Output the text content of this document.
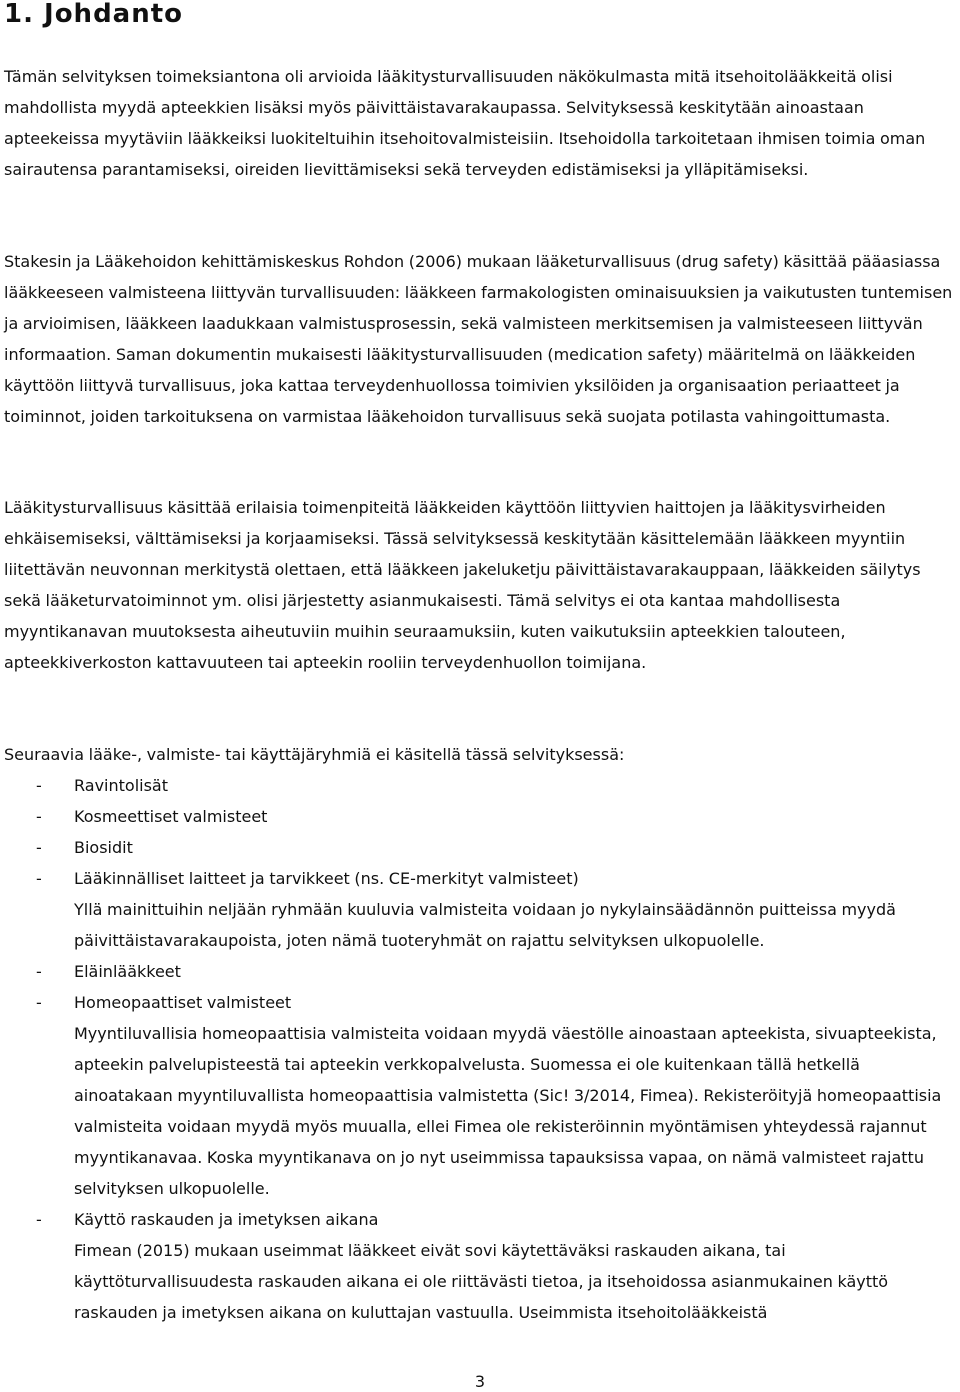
1. Johdanto

Tämän selvityksen toimeksiantona oli arvioida lääkitysturvallisuuden näkökulmasta mitä itsehoitolääkkeitä olisi mahdollista myydä apteekkien lisäksi myös päivittäistavarakaupassa. Selvityksessä keskitytään ainoastaan apteekeissa myytäviin lääkkeiksi luokiteltuihin itsehoitovalmisteisiin. Itsehoidolla tarkoitetaan ihmisen toimia oman sairautensa parantamiseksi, oireiden lievittämiseksi sekä terveyden edistämiseksi ja ylläpitämiseksi.

Stakesin ja Lääkehoidon kehittämiskeskus Rohdon (2006) mukaan lääketurvallisuus (drug safety) käsittää pääasiassa lääkkeeseen valmisteena liittyvän turvallisuuden: lääkkeen farmakologisten ominaisuuksien ja vaikutusten tuntemisen ja arvioimisen, lääkkeen laadukkaan valmistusprosessin, sekä valmisteen merkitsemisen ja valmisteeseen liittyvän informaation. Saman dokumentin mukaisesti lääkitysturvallisuuden (medication safety) määritelmä on lääkkeiden käyttöön liittyvä turvallisuus, joka kattaa terveydenhuollossa toimivien yksilöiden ja organisaation periaatteet ja toiminnot, joiden tarkoituksena on varmistaa lääkehoidon turvallisuus sekä suojata potilasta vahingoittumasta.

Lääkitysturvallisuus käsittää erilaisia toimenpiteitä lääkkeiden käyttöön liittyvien haittojen ja lääkitysvirheiden ehkäisemiseksi, välttämiseksi ja korjaamiseksi. Tässä selvityksessä keskitytään käsittelemään lääkkeen myyntiin liitettävän neuvonnan merkitystä olettaen, että lääkkeen jakeluketju päivittäistavarakauppaan, lääkkeiden säilytys sekä lääketurvatoiminnot ym. olisi järjestetty asianmukaisesti. Tämä selvitys ei ota kantaa mahdollisesta myyntikanavan muutoksesta aiheutuviin muihin seuraamuksiin, kuten vaikutuksiin apteekkien talouteen, apteekkiverkoston kattavuuteen tai apteekin rooliin terveydenhuollon toimijana.

Seuraavia lääke-, valmiste- tai käyttäjäryhmiä ei käsitellä tässä selvityksessä:

- Ravintolisät
- Kosmeettiset valmisteet
- Biosidit
- Lääkinnälliset laitteet ja tarvikkeet (ns. CE-merkityt valmisteet)
Yllä mainittuihin neljään ryhmään kuuluvia valmisteita voidaan jo nykylainsäädännön puitteissa myydä päivittäistavarakaupoista, joten nämä tuoteryhmät on rajattu selvityksen ulkopuolelle.
- Eläinlääkkeet
- Homeopaattiset valmisteet
Myyntiluvallisia homeopaattisia valmisteita voidaan myydä väestölle ainoastaan apteekista, sivuapteekista, apteekin palvelupisteestä tai apteekin verkkopalvelusta. Suomessa ei ole kuitenkaan tällä hetkellä ainoatakaan myyntiluvallista homeopaattisia valmistetta (Sic! 3/2014, Fimea). Rekisteröityjä homeopaattisia valmisteita voidaan myydä myös muualla, ellei Fimea ole rekisteröinnin myöntämisen yhteydessä rajannut myyntikanavaa. Koska myyntikanava on jo nyt useimmissa tapauksissa vapaa, on nämä valmisteet rajattu selvityksen ulkopuolelle.
- Käyttö raskauden ja imetyksen aikana
Fimean (2015) mukaan useimmat lääkkeet eivät sovi käytettäväksi raskauden aikana, tai käyttöturvallisuudesta raskauden aikana ei ole riittävästi tietoa, ja itsehoidossa asianmukainen käyttö raskauden ja imetyksen aikana on kuluttajan vastuulla. Useimmista itsehoitolääkkeistä
3
